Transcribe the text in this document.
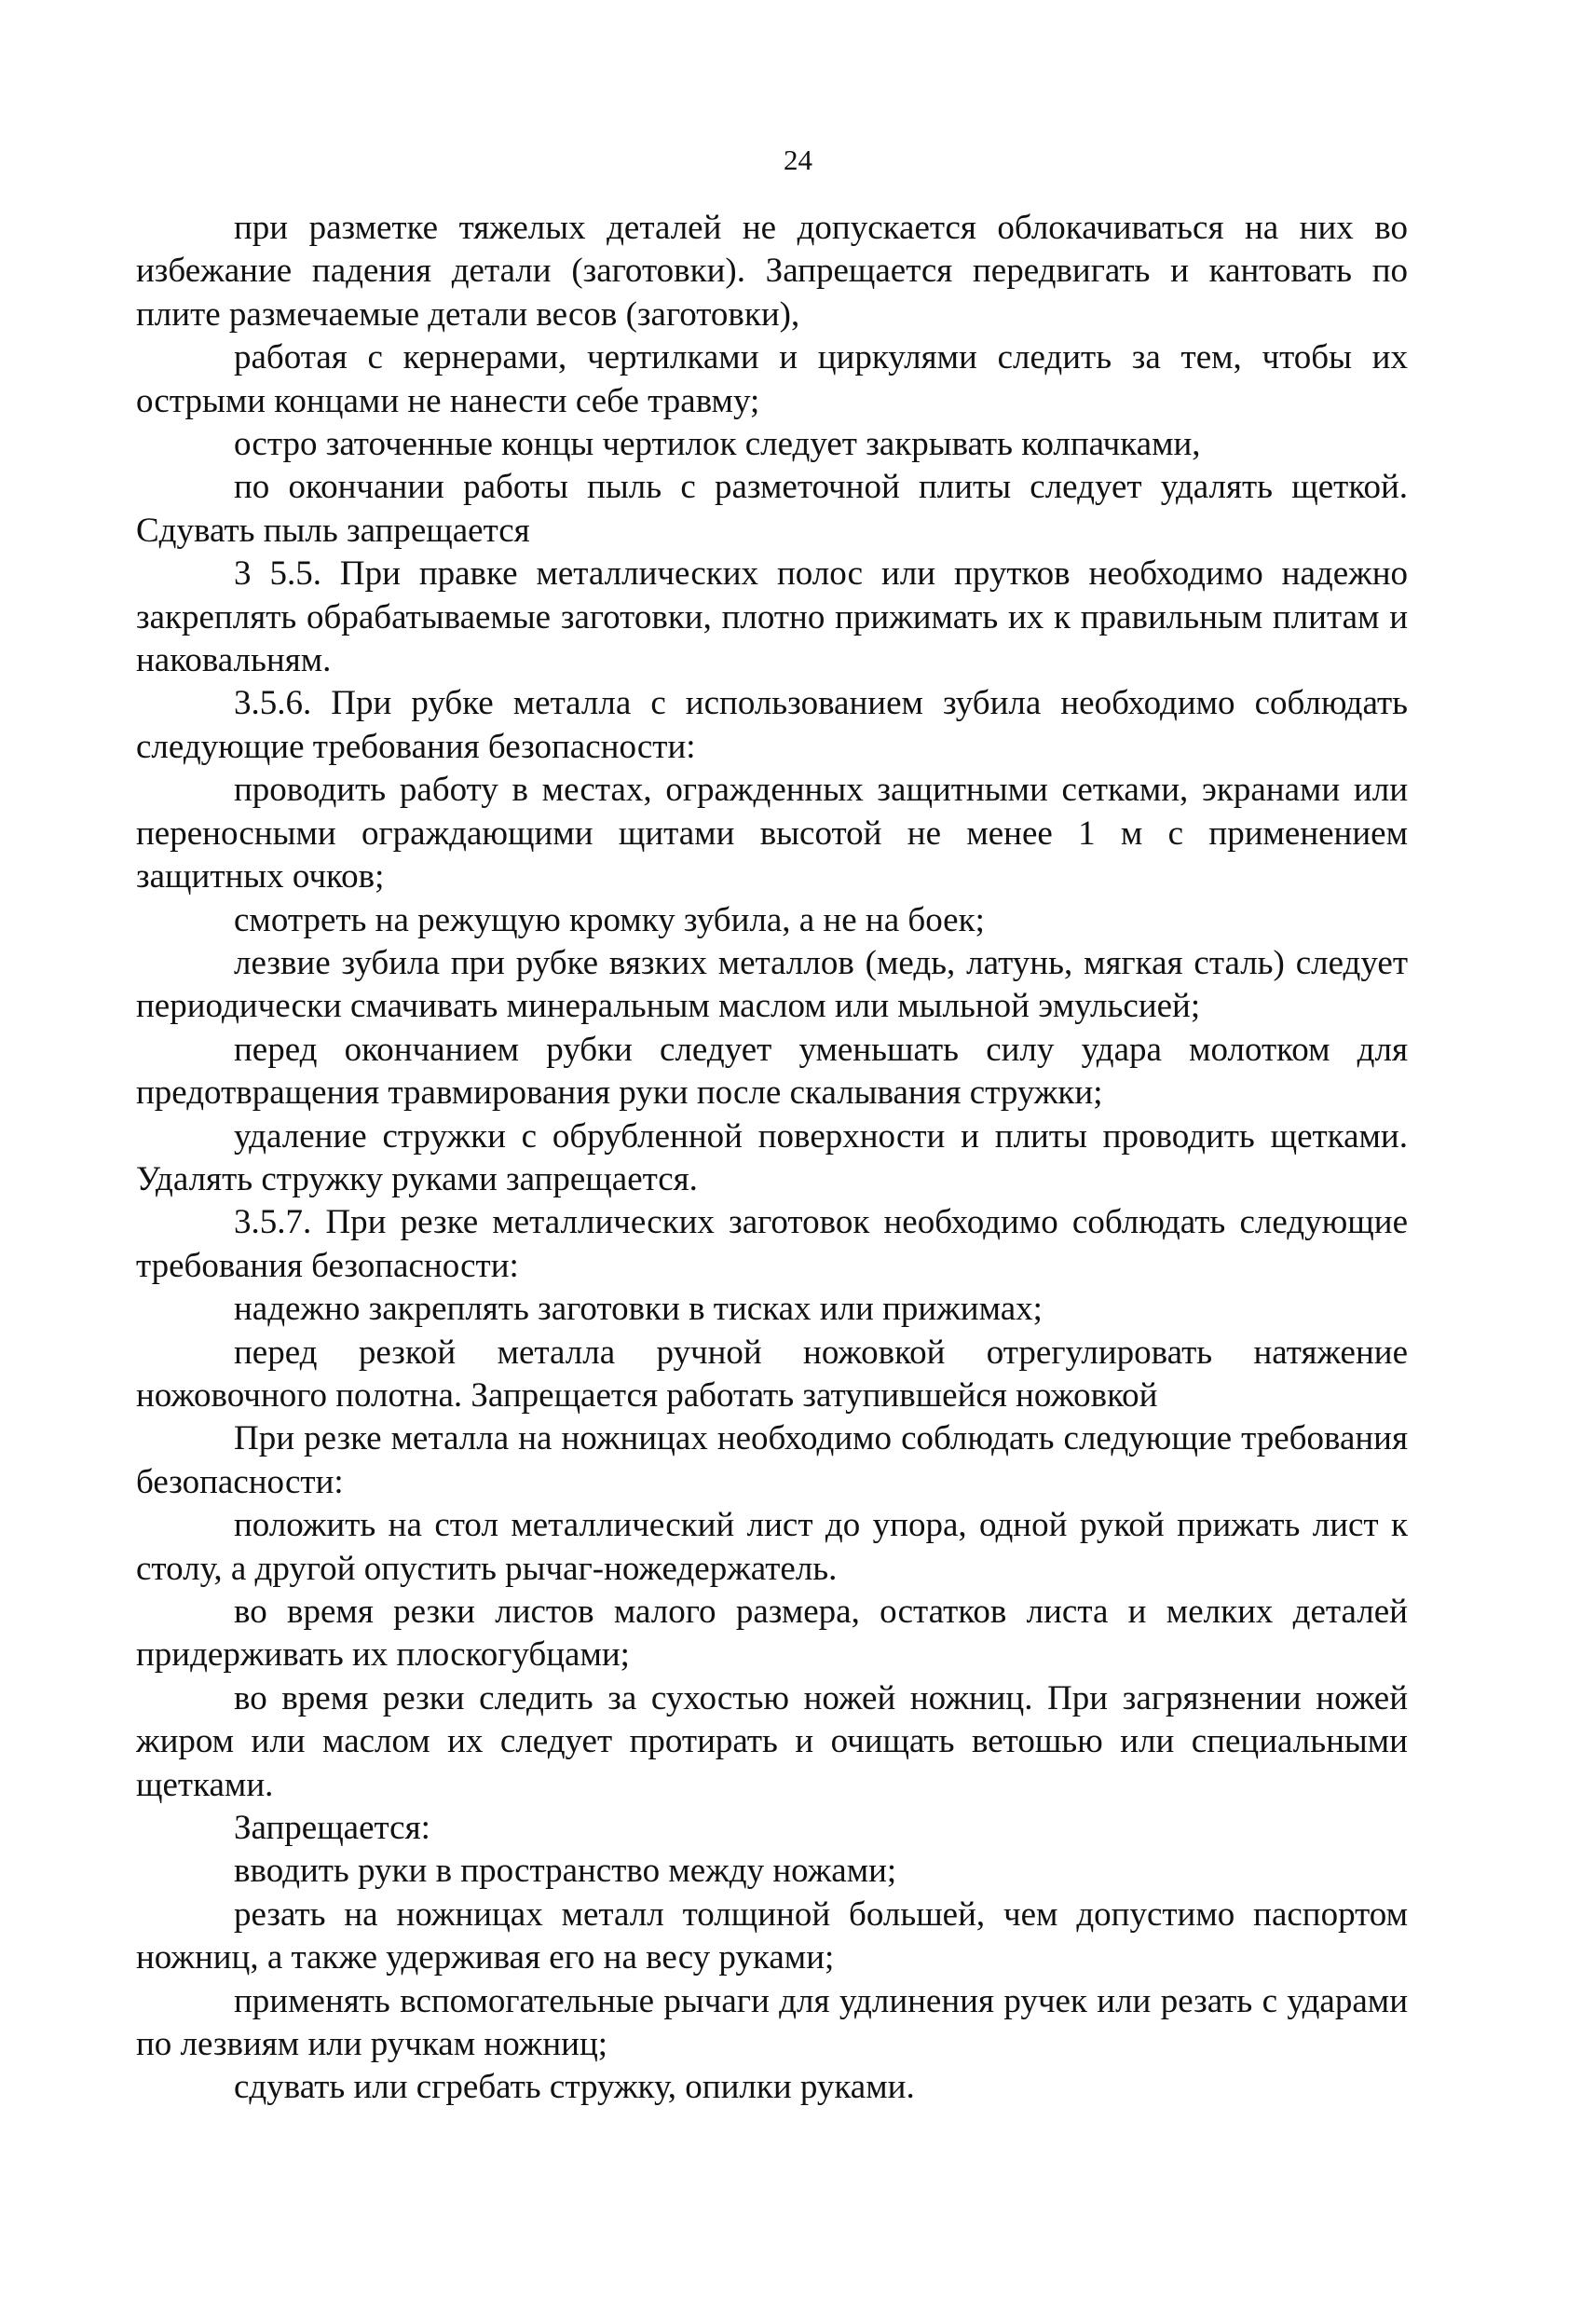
24

при разметке тяжелых деталей не допускается облокачиваться на них во избежание падения детали (заготовки). Запрещается передвигать и кантовать по плите размечаемые детали весов (заготовки),

работая с кернерами, чертилками и циркулями следить за тем, чтобы их острыми концами не нанести себе травму;

остро заточенные концы чертилок следует закрывать колпачками,

по окончании работы пыль с разметочной плиты следует удалять щеткой. Сдувать пыль запрещается

3 5.5. При правке металлических полос или прутков необходимо надежно закреплять обрабатываемые заготовки, плотно прижимать их к правильным плитам и наковальням.

3.5.6. При рубке металла с использованием зубила необходимо соблюдать следующие требования безопасности:

проводить работу в местах, огражденных защитными сетками, экранами или переносными ограждающими щитами высотой не менее 1 м с применением защитных очков;

смотреть на режущую кромку зубила, а не на боек;

лезвие зубила при рубке вязких металлов (медь, латунь, мягкая сталь) следует периодически смачивать минеральным маслом или мыльной эмульсией;

перед окончанием рубки следует уменьшать силу удара молотком для предотвращения травмирования руки после скалывания стружки;

удаление стружки с обрубленной поверхности и плиты проводить щетками. Удалять стружку руками запрещается.

3.5.7. При резке металлических заготовок необходимо соблюдать следующие требования безопасности:

надежно закреплять заготовки в тисках или прижимах;

перед резкой металла ручной ножовкой отрегулировать натяжение ножовочного полотна. Запрещается работать затупившейся ножовкой

При резке металла на ножницах необходимо соблюдать следующие требования безопасности:

положить на стол металлический лист до упора, одной рукой прижать лист к столу, а другой опустить рычаг-ножедержатель.

во время резки листов малого размера, остатков листа и мелких деталей придерживать их плоскогубцами;

во время резки следить за сухостью ножей ножниц. При загрязнении ножей жиром или маслом их следует протирать и очищать ветошью или специальными щетками.

Запрещается:

вводить руки в пространство между ножами;

резать на ножницах металл толщиной большей, чем допустимо паспортом ножниц, а также удерживая его на весу руками;

применять вспомогательные рычаги для удлинения ручек или резать с ударами по лезвиям или ручкам ножниц;

сдувать или сгребать стружку, опилки руками.
